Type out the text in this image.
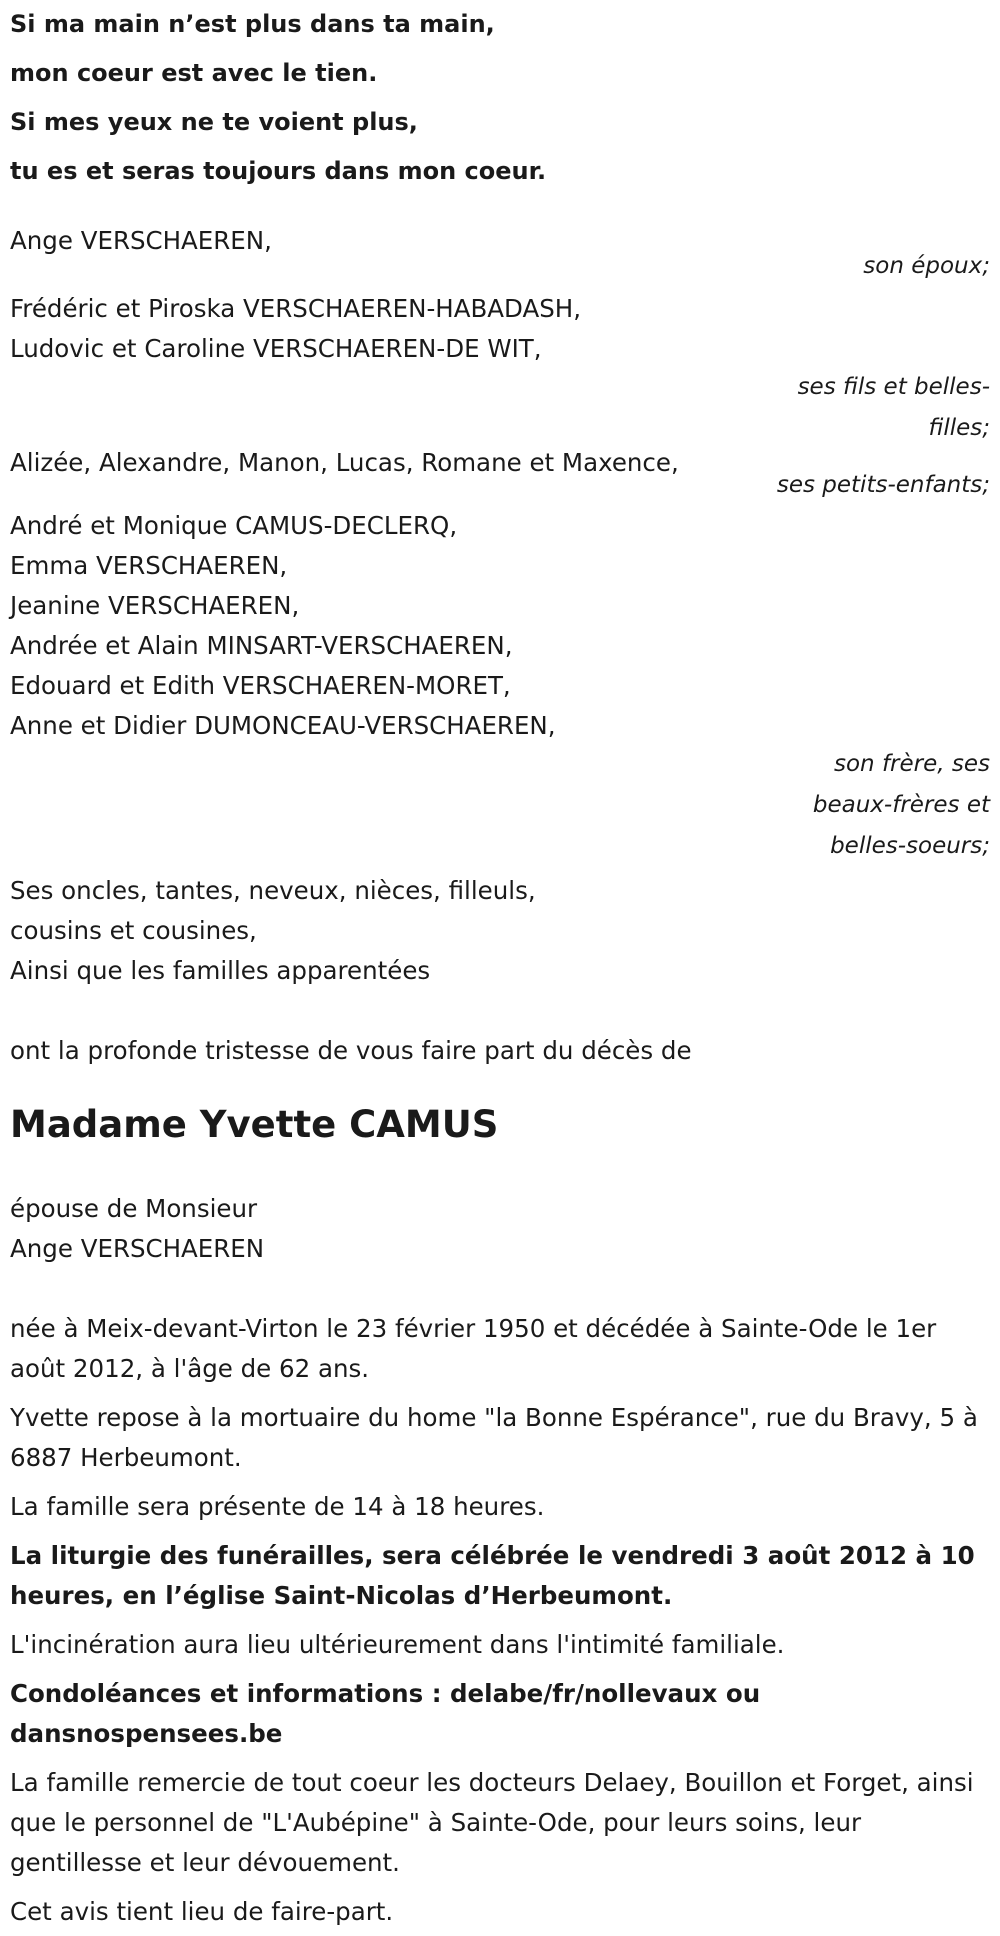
Si ma main n’est plus dans ta main,
mon coeur est avec le tien.
Si mes yeux ne te voient plus,
tu es et seras toujours dans mon coeur.
Ange VERSCHAEREN,
son époux;
Frédéric et Piroska VERSCHAEREN-HABADASH,
Ludovic et Caroline VERSCHAEREN-DE WIT,
ses fils et belles-filles;
Alizée, Alexandre, Manon, Lucas, Romane et Maxence,
ses petits-enfants;
André et Monique CAMUS-DECLERQ,
Emma VERSCHAEREN,
Jeanine VERSCHAEREN,
Andrée et Alain MINSART-VERSCHAEREN,
Edouard et Edith VERSCHAEREN-MORET,
Anne et Didier DUMONCEAU-VERSCHAEREN,
son frère, ses beaux-frères et belles-soeurs;
Ses oncles, tantes, neveux, nièces, filleuls,
cousins et cousines,
Ainsi que les familles apparentées

ont la profonde tristesse de vous faire part du décès de

Madame Yvette CAMUS

épouse de Monsieur

Ange VERSCHAEREN

née à Meix-devant-Virton le 23 février 1950 et décédée à Sainte-Ode le 1er août 2012, à l'âge de 62 ans.

Yvette repose à la mortuaire du home "la Bonne Espérance", rue du Bravy, 5 à 6887 Herbeumont.

La famille sera présente de 14 à 18 heures.

La liturgie des funérailles, sera célébrée le vendredi 3 août 2012 à 10 heures, en l’église Saint-Nicolas d’Herbeumont.

L'incinération aura lieu ultérieurement dans l'intimité familiale.

Condoléances et informations : delabe/fr/nollevaux ou dansnospensees.be

La famille remercie de tout coeur les docteurs Delaey, Bouillon et Forget, ainsi que le personnel de "L'Aubépine" à Sainte-Ode, pour leurs soins, leur gentillesse et leur dévouement.

Cet avis tient lieu de faire-part.
